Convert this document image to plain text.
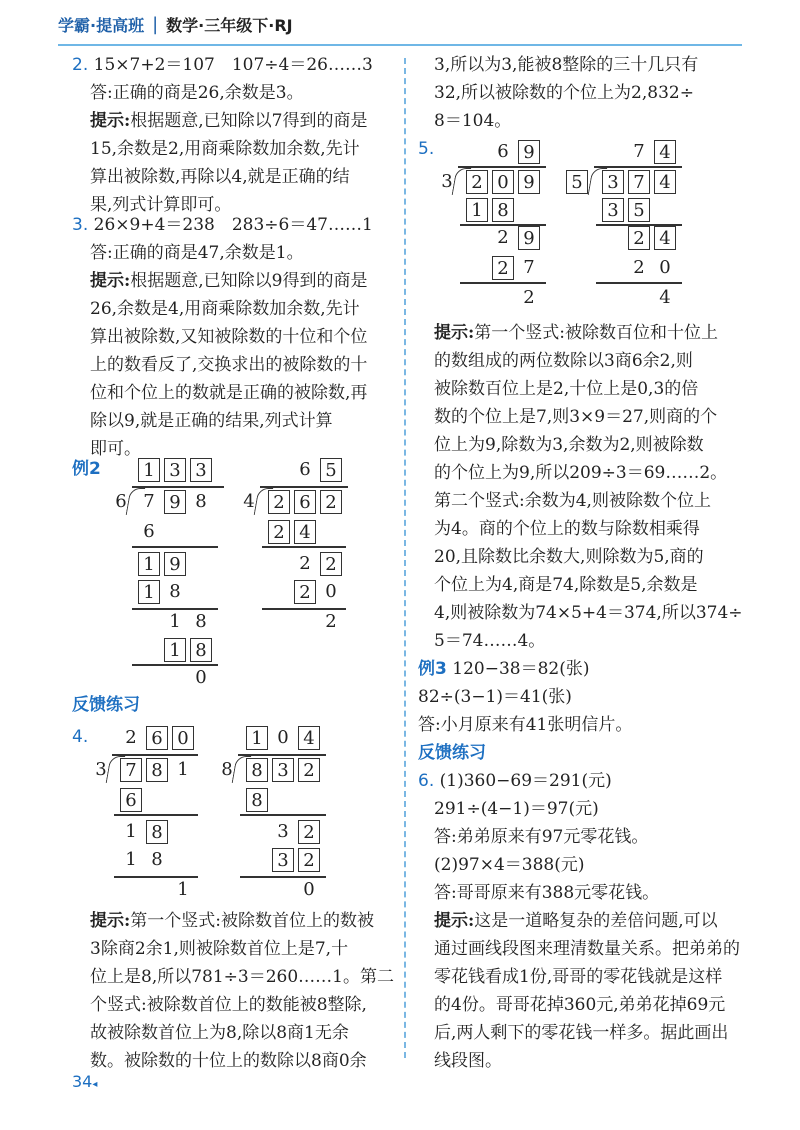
学霸·提高班 | 数学·三年级下·RJ
2. 15×7+2＝107　107÷4＝26……3
答:正确的商是26,余数是3。
提示:根据题意,已知除以7得到的商是
15,余数是2,用商乘除数加余数,先计
算出被除数,再除以4,就是正确的结
果,列式计算即可。
3. 26×9+4＝238　283÷6＝47……1
答:正确的商是47,余数是1。
提示:根据题意,已知除以9得到的商是
26,余数是4,用商乘除数加余数,先计
算出被除数,又知被除数的十位和个位
上的数看反了,交换求出的被除数的十
位和个位上的数就是正确的被除数,再
除以9,就是正确的结果,列式计算
即可。
例2
反馈练习
4.
提示:第一个竖式:被除数首位上的数被
3除商2余1,则被除数首位上是7,十
位上是8,所以781÷3＝260……1。第二
个竖式:被除数首位上的数能被8整除,
故被除数首位上为8,除以8商1无余
数。被除数的十位上的数除以8商0余
3,所以为3,能被8整除的三十几只有
32,所以被除数的个位上为2,832÷
8＝104。
5.
提示:第一个竖式:被除数百位和十位上
的数组成的两位数除以3商6余2,则
被除数百位上是2,十位上是0,3的倍
数的个位上是7,则3×9＝27,则商的个
位上为9,除数为3,余数为2,则被除数
的个位上为9,所以209÷3＝69……2。
第二个竖式:余数为4,则被除数个位上
为4。商的个位上的数与除数相乘得
20,且除数比余数大,则除数为5,商的
个位上为4,商是74,除数是5,余数是
4,则被除数为74×5+4＝374,所以374÷
5＝74……4。
例3 120−38＝82(张)
82÷(3−1)＝41(张)
答:小月原来有41张明信片。
反馈练习
6. (1)360−69＝291(元)
291÷(4−1)＝97(元)
答:弟弟原来有97元零花钱。
(2)97×4＝388(元)
答:哥哥原来有388元零花钱。
提示:这是一道略复杂的差倍问题,可以
通过画线段图来理清数量关系。把弟弟的
零花钱看成1份,哥哥的零花钱就是这样
的4份。哥哥花掉360元,弟弟花掉69元
后,两人剩下的零花钱一样多。据此画出
线段图。
1 3 3
6 7 9 8
6
1 9
1 8
1 8
1 8
0
6 5
4 2 6 2
2 4
2 2
2 0
2
2 6 0
3 7 8 1
6
1 8
1 8
1
1 0 4
8 8 3 2
8
3 2
3 2
0
6 9
3 2 0 9
1 8
2 9
2 7
2
7 4
5 3 7 4
3 5
2 4
2 0
4
34◂
